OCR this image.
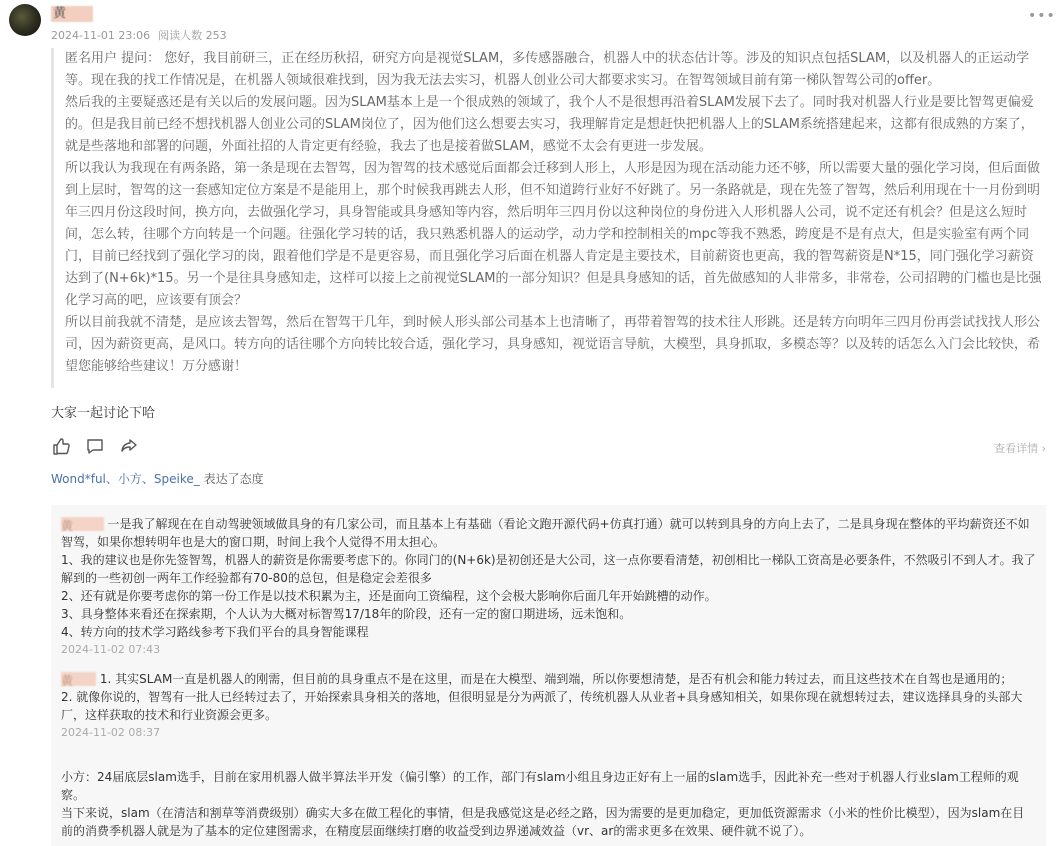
黄
2024-11-01 23:06 阅读人数 253
•••

匿名用户 提问： 您好，我目前研三，正在经历秋招，研究方向是视觉SLAM，多传感器融合，机器人中的状态估计等。涉及的知识点包括SLAM，以及机器人的正运动学等。现在我的找工作情况是，在机器人领域很难找到，因为我无法去实习，机器人创业公司大都要求实习。在智驾领域目前有第一梯队智驾公司的offer。

然后我的主要疑惑还是有关以后的发展问题。因为SLAM基本上是一个很成熟的领域了，我个人不是很想再沿着SLAM发展下去了。同时我对机器人行业是要比智驾更偏爱的。但是我目前已经不想找机器人创业公司的SLAM岗位了，因为他们这么想要去实习，我理解肯定是想赶快把机器人上的SLAM系统搭建起来，这都有很成熟的方案了，就是些落地和部署的问题，外面社招的人肯定更有经验，我去了也是接着做SLAM，感觉不太会有更进一步发展。

所以我认为我现在有两条路，第一条是现在去智驾，因为智驾的技术感觉后面都会迁移到人形上，人形是因为现在活动能力还不够，所以需要大量的强化学习岗，但后面做到上层时，智驾的这一套感知定位方案是不是能用上，那个时候我再跳去人形，但不知道跨行业好不好跳了。另一条路就是，现在先签了智驾，然后利用现在十一月份到明年三四月份这段时间，换方向，去做强化学习，具身智能或具身感知等内容，然后明年三四月份以这种岗位的身份进入人形机器人公司，说不定还有机会？但是这么短时间，怎么转，往哪个方向转是一个问题。往强化学习转的话，我只熟悉机器人的运动学，动力学和控制相关的mpc等我不熟悉，跨度是不是有点大，但是实验室有两个同门，目前已经找到了强化学习的岗，跟着他们学是不是更容易，而且强化学习后面在机器人肯定是主要技术，目前薪资也更高，我的智驾薪资是N*15，同门强化学习薪资达到了(N+6k)*15。另一个是往具身感知走，这样可以接上之前视觉SLAM的一部分知识？但是具身感知的话，首先做感知的人非常多，非常卷，公司招聘的门槛也是比强化学习高的吧，应该要有顶会？

所以目前我就不清楚，是应该去智驾，然后在智驾干几年，到时候人形头部公司基本上也清晰了，再带着智驾的技术往人形跳。还是转方向明年三四月份再尝试找找人形公司，因为薪资更高，是风口。转方向的话往哪个方向转比较合适，强化学习，具身感知，视觉语言导航，大模型，具身抓取，多模态等？以及转的话怎么入门会比较快，希望您能够给些建议！万分感谢！

大家一起讨论下哈
查看详情 ›
Wond*ful、小方、Speike_ 表达了态度

黄	一是我了解现在在自动驾驶领域做具身的有几家公司，而且基本上有基础（看论文跑开源代码+仿真打通）就可以转到具身的方向上去了，二是具身现在整体的平均薪资还不如智驾，如果你想转明年也是大的窗口期，时间上我个人觉得不用太担心。

1、我的建议也是你先签智驾，机器人的薪资是你需要考虑下的。你同门的(N+6k)是初创还是大公司，这一点你要看清楚，初创相比一梯队工资高是必要条件，不然吸引不到人才。我了解到的一些初创一两年工作经验都有70-80的总包，但是稳定会差很多

2、还有就是你要考虑你的第一份工作是以技术积累为主，还是面向工资编程，这个会极大影响你后面几年开始跳槽的动作。

3、具身整体来看还在探索期，个人认为大概对标智驾17/18年的阶段，还有一定的窗口期进场，远未饱和。

4、转方向的技术学习路线参考下我们平台的具身智能课程

2024-11-02 07:43

黄 1. 其实SLAM一直是机器人的刚需，但目前的具身重点不是在这里，而是在大模型、端到端，所以你要想清楚，是否有机会和能力转过去，而且这些技术在自驾也是通用的；

2. 就像你说的，智驾有一批人已经转过去了，开始探索具身相关的落地，但很明显是分为两派了，传统机器人从业者+具身感知相关，如果你现在就想转过去，建议选择具身的头部大厂，这样获取的技术和行业资源会更多。

2024-11-02 08:37

小方：24届底层slam选手，目前在家用机器人做半算法半开发（偏引擎）的工作，部门有slam小组且身边正好有上一届的slam选手，因此补充一些对于机器人行业slam工程师的观察。

当下来说，slam（在清洁和割草等消费级别）确实大多在做工程化的事情，但是我感觉这是必经之路，因为需要的是更加稳定，更加低资源需求（小米的性价比模型），因为slam在目前的消费季机器人就是为了基本的定位建图需求，在精度层面继续打磨的收益受到边界递减效益（vr、ar的需求更多在效果、硬件就不说了）。
